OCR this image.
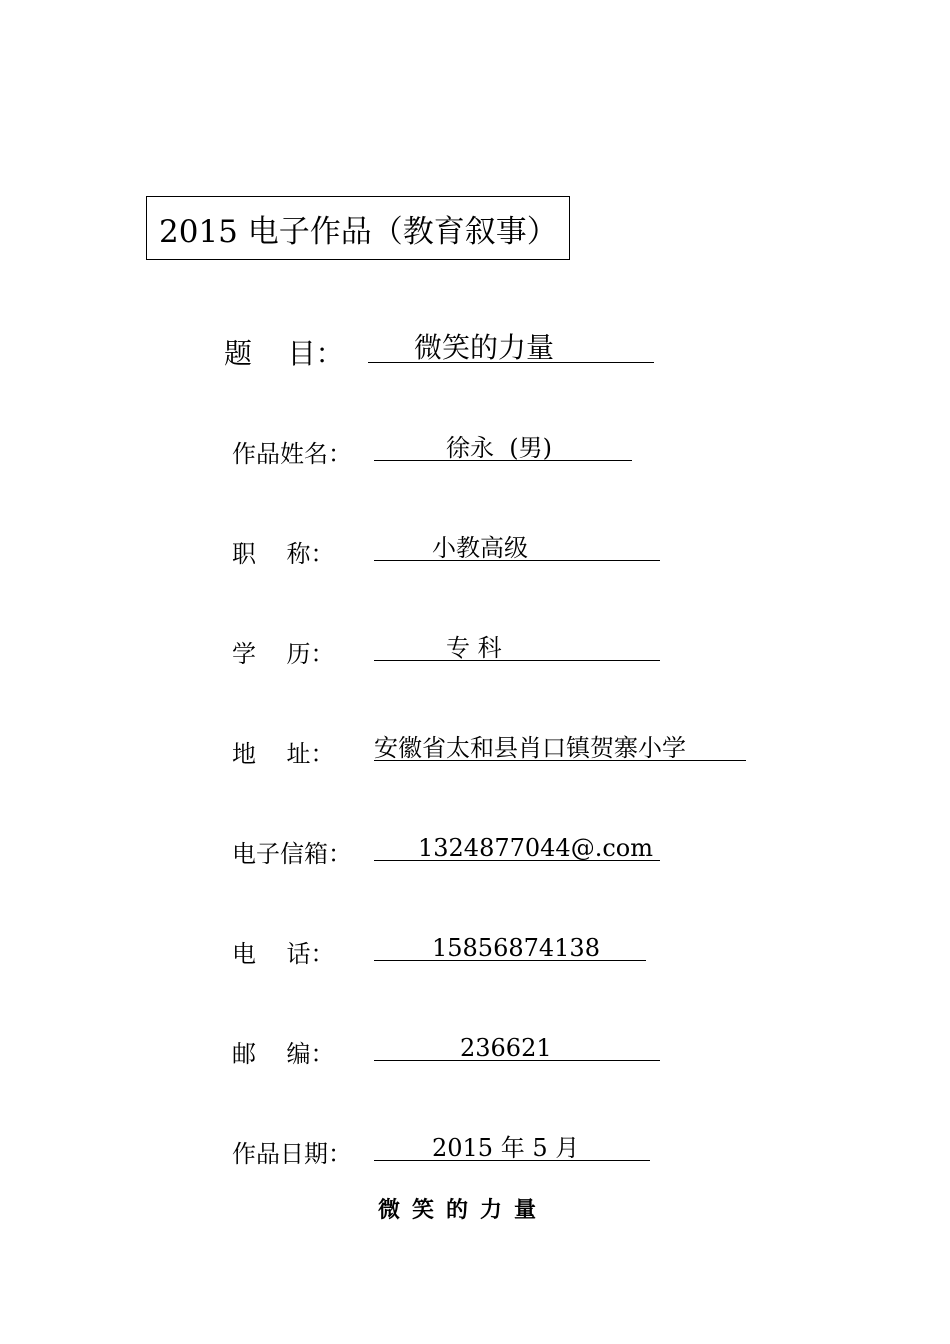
2015 电子作品（教育叙事）
题    目：	微笑的力量
作品姓名：	徐永  (男)
职    称：	小教高级
学    历：	专 科
地    址： 安徽省太和县肖口镇贺寨小学
电子信箱：	1324877044@.com
电    话：	15856874138
邮    编：	236621
作品日期：	2015 年 5 月
微笑的力量
